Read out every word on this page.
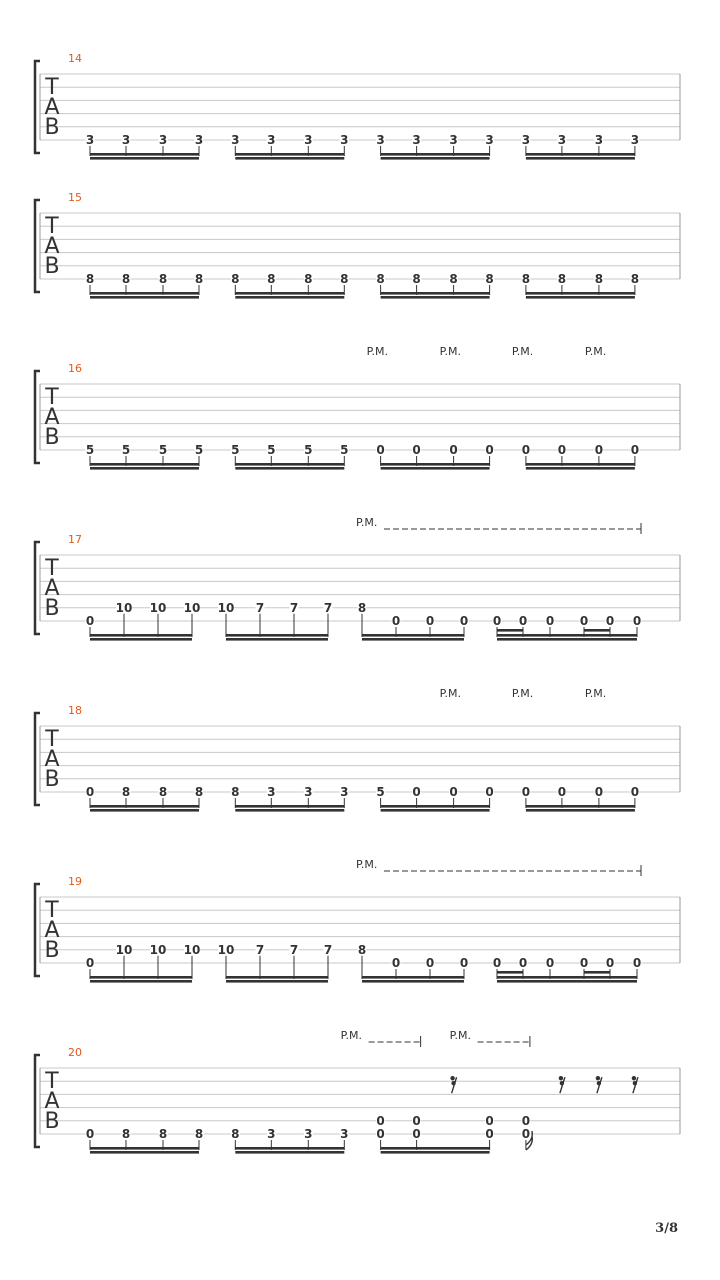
14
T
A
B 3 3 3 3 3 3 3 3 3 3 3 3 3 3 3 3
15
T
A
B 8 8 8 8 8 8 8 8 8 8 8 8 8 8 8 8
16
T
A
B 5 5 5 5 5 5 5 5 0 0 0 0 0 0 0 0
P.M.	P.M.	P.M.	P.M.
17
T
A
B 0
10 10 10 10 7 7 7 8
0 0 0 0 0 0 0 0 0
P.M.
18
T
A
B 0 8 8 8 8 3 3 3 5 0 0 0 0 0 0 0
P.M.	P.M.	P.M.
19
T
A
B 0
10 10 10 10 7 7 7 8
0 0 0 0 0 0 0 0 0
P.M.
20
T
A
B 0 8 8 8 8 3 3 3
0
0
0
0
0
0
0
0
P.M.	P.M.
3/8
